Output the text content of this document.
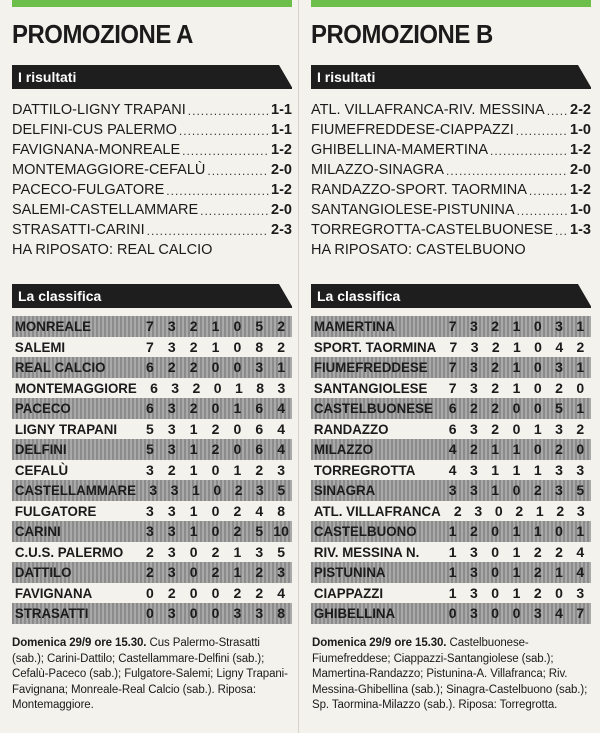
PROMOZIONE A
I risultati
DATTILO-LIGNY TRAPANI .....	1-1
DELFINI-CUS PALERMO .....	1-1
FAVIGNANA-MONREALE .....	1-2
MONTEMAGGIORE-CEFALÙ .....	2-0
PACECO-FULGATORE .....	1-2
SALEMI-CASTELLAMMARE .....	2-0
STRASATTI-CARINI .....	2-3
HA RIPOSATO: REAL CALCIO
La classifica
MONREALE	7	3	2	1	0	5	2
SALEMI	7	3	2	1	0	8	2
REAL CALCIO	6	2	2	0	0	3	1
MONTEMAGGIORE 6 3 2 0 1 8 3
PACECO	6	3	2	0	1	6	4
LIGNY TRAPANI	5	3	1	2	0	6	4
DELFINI	5	3	1	2	0	6	4
CEFALÙ	3	2	1	0	1	2	3
CASTELLAMMARE 3 3 1 0 2 3 5
FULGATORE	3	3	1	0	2	4	8
CARINI	3	3	1	0	2	5 10
C.U.S. PALERMO	2	3	0	2	1	3	5
DATTILO	2	3	0	2	1	2	3
FAVIGNANA	0	2	0	0	2	2	4
STRASATTI	0	3	0	0	3	3	8
PROMOZIONE B
I risultati
ATL. VILLAFRANCA-RIV. MESSINA ..... 2-2
FIUMEFREDDESE-CIAPPAZZI .....	1-0
GHIBELLINA-MAMERTINA .....	1-2
MILAZZO-SINAGRA .....	2-0
RANDAZZO-SPORT. TAORMINA .....	1-2
SANTANGIOLESE-PISTUNINA .....	1-0
TORREGROTTA-CASTELBUONESE ..... 1-3
HA RIPOSATO: CASTELBUONO
La classifica
MAMERTINA	7 3 2 1 0 3 1
SPORT. TAORMINA 7 3 2 1 0 4 2
FIUMEFREDDESE	7 3 2 1 0 3 1
SANTANGIOLESE	7 3 2 1 0 2 0
CASTELBUONESE	6 2 2 0 0 5 1
RANDAZZO	6 3 2 0 1 3 2
MILAZZO	4 2 1 1 0 2 0
TORREGROTTA	4 3 1 1 1 3 3
SINAGRA	3 3 1 0 2 3 5
ATL. VILLAFRANCA 2 3 0 2 1 2 3
CASTELBUONO	1 2 0 1 1 0 1
RIV. MESSINA N.	1 3 0 1 2 2 4
PISTUNINA	1 3 0 1 2 1 4
CIAPPAZZI	1 3 0 1 2 0 3
GHIBELLINA	0 3 0 0 3 4 7
Domenica 29/9 ore 15.30. Cus Palermo-Strasatti (sab.); Carini-Dattilo; Castellammare-Delfini (sab.); Cefalù-Paceco (sab.); Fulgatore-Salemi; Ligny Trapani-Favignana; Monreale-Real Calcio (sab.). Riposa: Montemaggiore.
Domenica 29/9 ore 15.30. Castelbuonese-Fiumefreddese; Ciappazzi-Santangiolese (sab.); Mamertina-Randazzo; Pistunina-A. Villafranca; Riv. Messina-Ghibellina (sab.); Sinagra-Castelbuono (sab.); Sp. Taormina-Milazzo (sab.). Riposa: Torregrotta.
